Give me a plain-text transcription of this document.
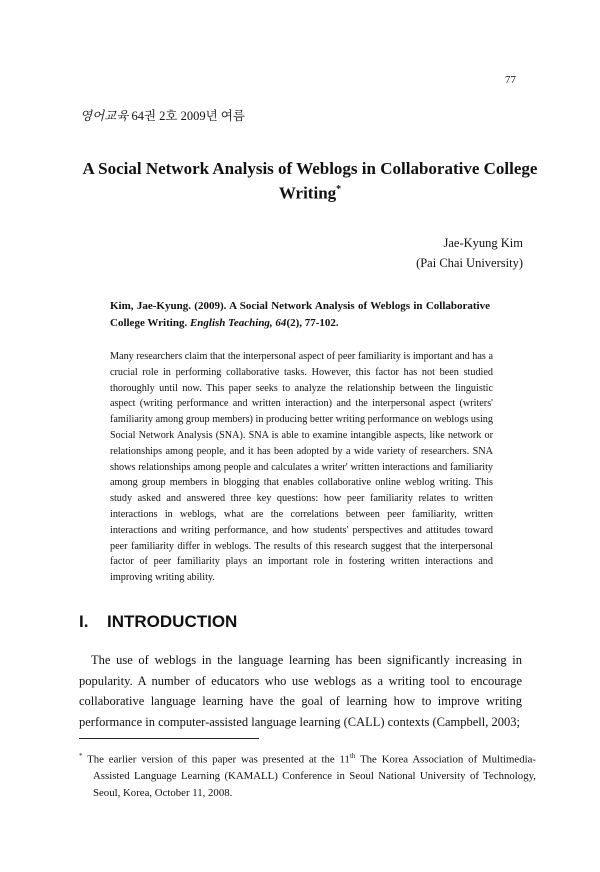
77
영어교육 64권 2호 2009년 여름
A Social Network Analysis of Weblogs in Collaborative College Writing*
Jae-Kyung Kim
(Pai Chai University)
Kim, Jae-Kyung. (2009). A Social Network Analysis of Weblogs in Collaborative College Writing. English Teaching, 64(2), 77-102.

Many researchers claim that the interpersonal aspect of peer familiarity is important and has a crucial role in performing collaborative tasks. However, this factor has not been studied thoroughly until now. This paper seeks to analyze the relationship between the linguistic aspect (writing performance and written interaction) and the interpersonal aspect (writers' familiarity among group members) in producing better writing performance on weblogs using Social Network Analysis (SNA). SNA is able to examine intangible aspects, like network or relationships among people, and it has been adopted by a wide variety of researchers. SNA shows relationships among people and calculates a writer' written interactions and familiarity among group members in blogging that enables collaborative online weblog writing. This study asked and answered three key questions: how peer familiarity relates to written interactions in weblogs, what are the correlations between peer familiarity, written interactions and writing performance, and how students' perspectives and attitudes toward peer familiarity differ in weblogs. The results of this research suggest that the interpersonal factor of peer familiarity plays an important role in fostering written interactions and improving writing ability.

I. INTRODUCTION

The use of weblogs in the language learning has been significantly increasing in popularity. A number of educators who use weblogs as a writing tool to encourage collaborative language learning have the goal of learning how to improve writing performance in computer-assisted language learning (CALL) contexts (Campbell, 2003;

* The earlier version of this paper was presented at the 11th The Korea Association of Multimedia-Assisted Language Learning (KAMALL) Conference in Seoul National University of Technology, Seoul, Korea, October 11, 2008.
